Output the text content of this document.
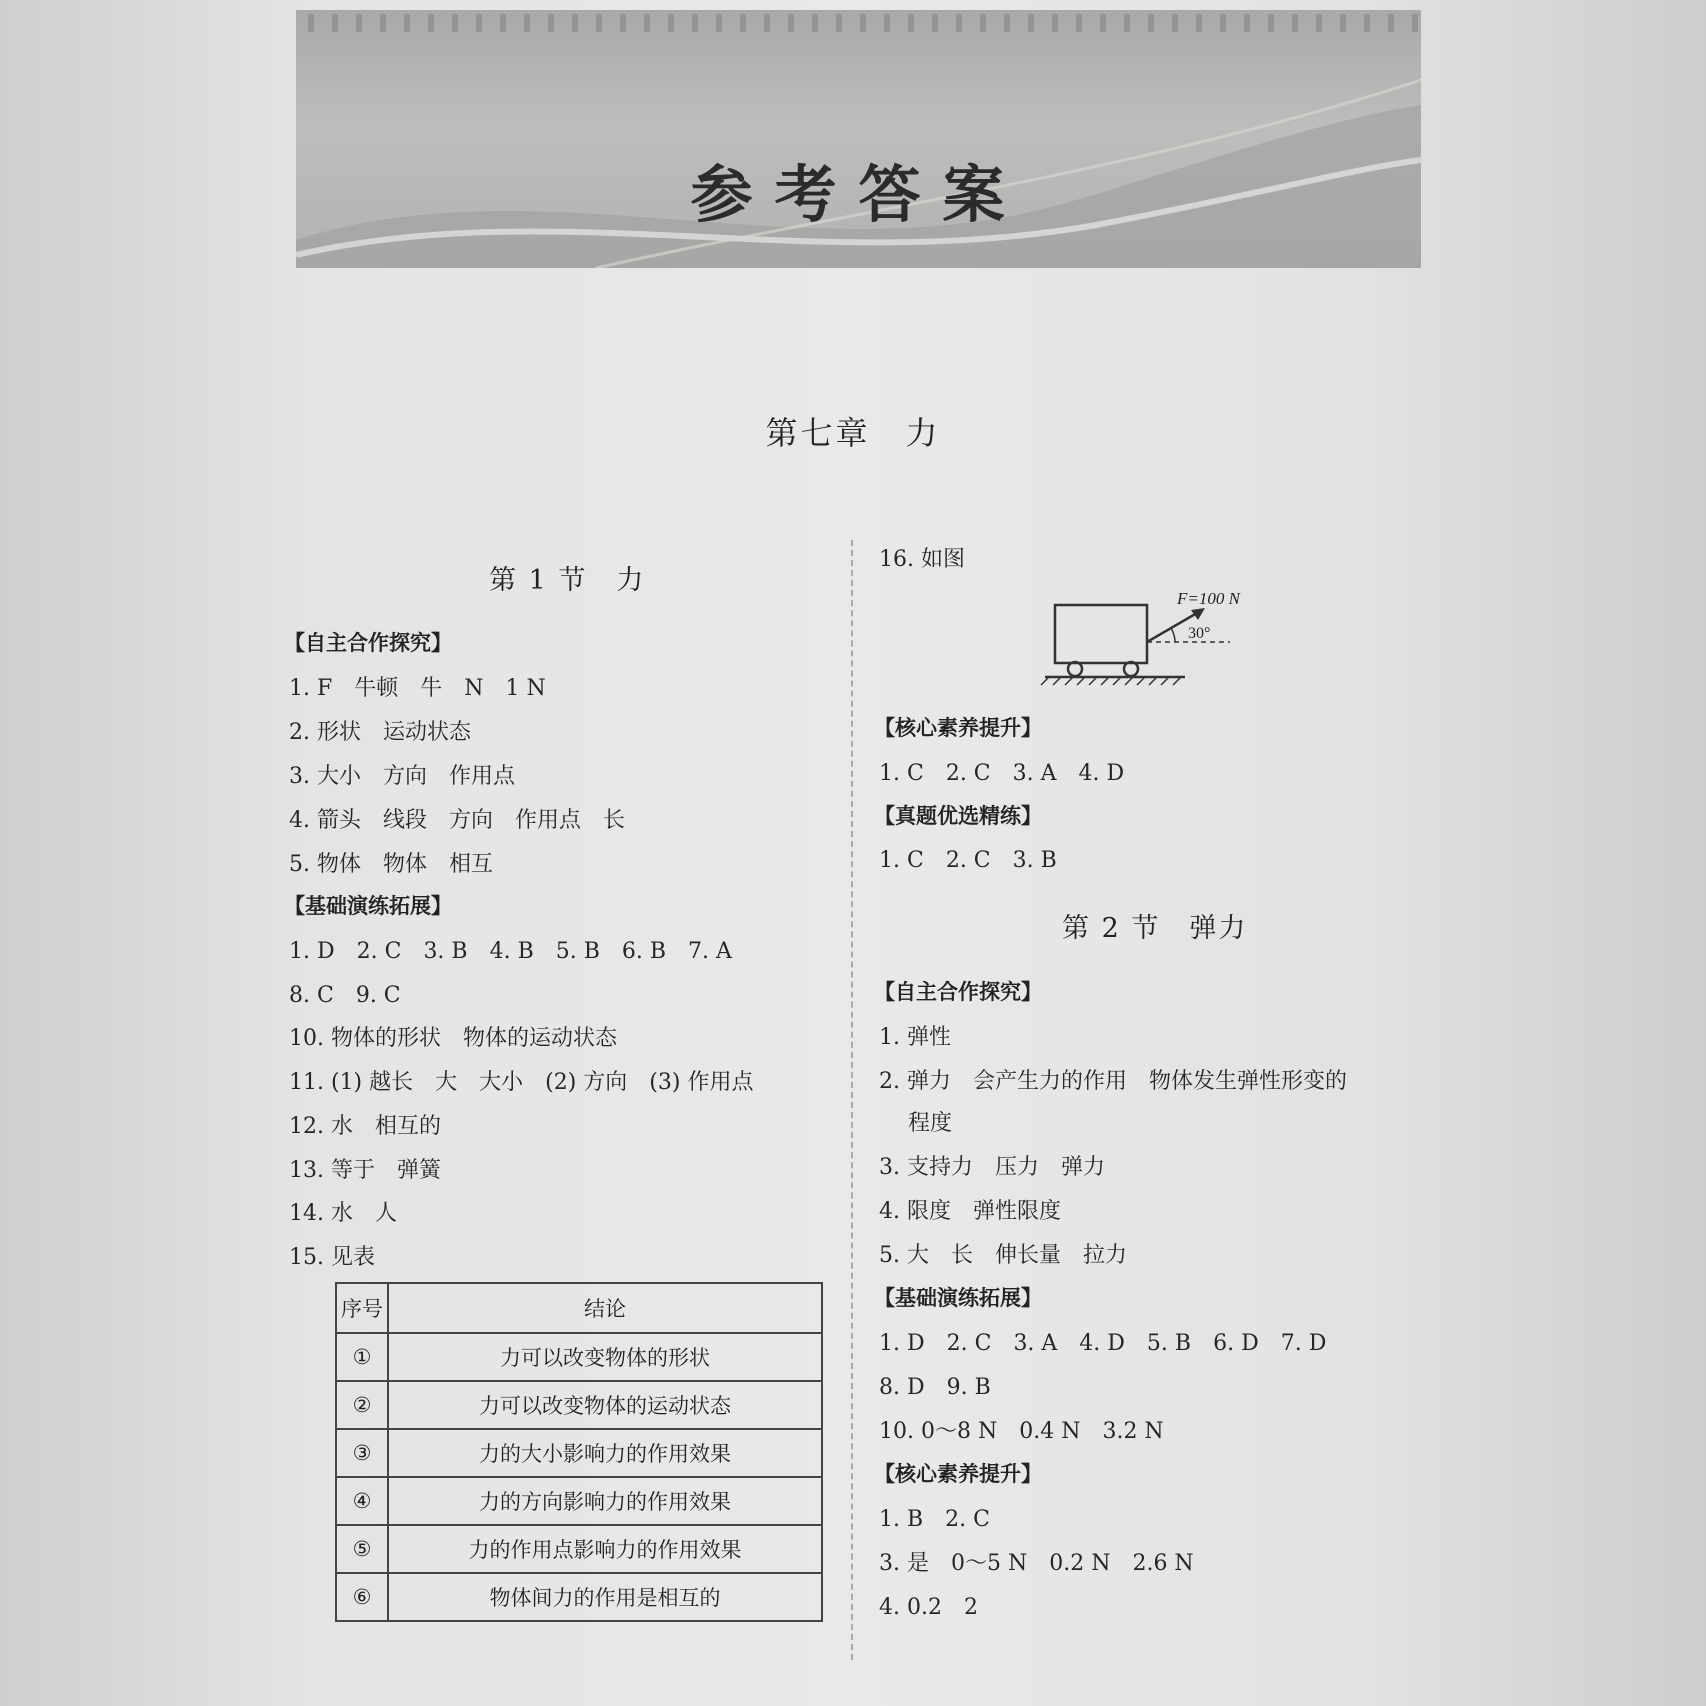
参考答案
第七章　力
第 1 节　力
【自主合作探究】
1. F　牛顿　牛　N　1 N
2. 形状　运动状态
3. 大小　方向　作用点
4. 箭头　线段　方向　作用点　长
5. 物体　物体　相互
【基础演练拓展】
1. D　2. C　3. B　4. B　5. B　6. B　7. A
8. C　9. C
10. 物体的形状　物体的运动状态
11. (1) 越长　大　大小　(2) 方向　(3) 作用点
12. 水　相互的
13. 等于　弹簧
14. 水　人
15. 见表
序号	结论
①	力可以改变物体的形状
②	力可以改变物体的运动状态
③	力的大小影响力的作用效果
④	力的方向影响力的作用效果
⑤	力的作用点影响力的作用效果
⑥	物体间力的作用是相互的
16. 如图
F=100 N
30°
【核心素养提升】
1. C　2. C　3. A　4. D
【真题优选精练】
1. C　2. C　3. B
第 2 节　弹力
【自主合作探究】
1. 弹性
2. 弹力　会产生力的作用　物体发生弹性形变的
　 程度
3. 支持力　压力　弹力
4. 限度　弹性限度
5. 大　长　伸长量　拉力
【基础演练拓展】
1. D　2. C　3. A　4. D　5. B　6. D　7. D
8. D　9. B
10. 0～8 N　0.4 N　3.2 N
【核心素养提升】
1. B　2. C
3. 是　0～5 N　0.2 N　2.6 N
4. 0.2　2
